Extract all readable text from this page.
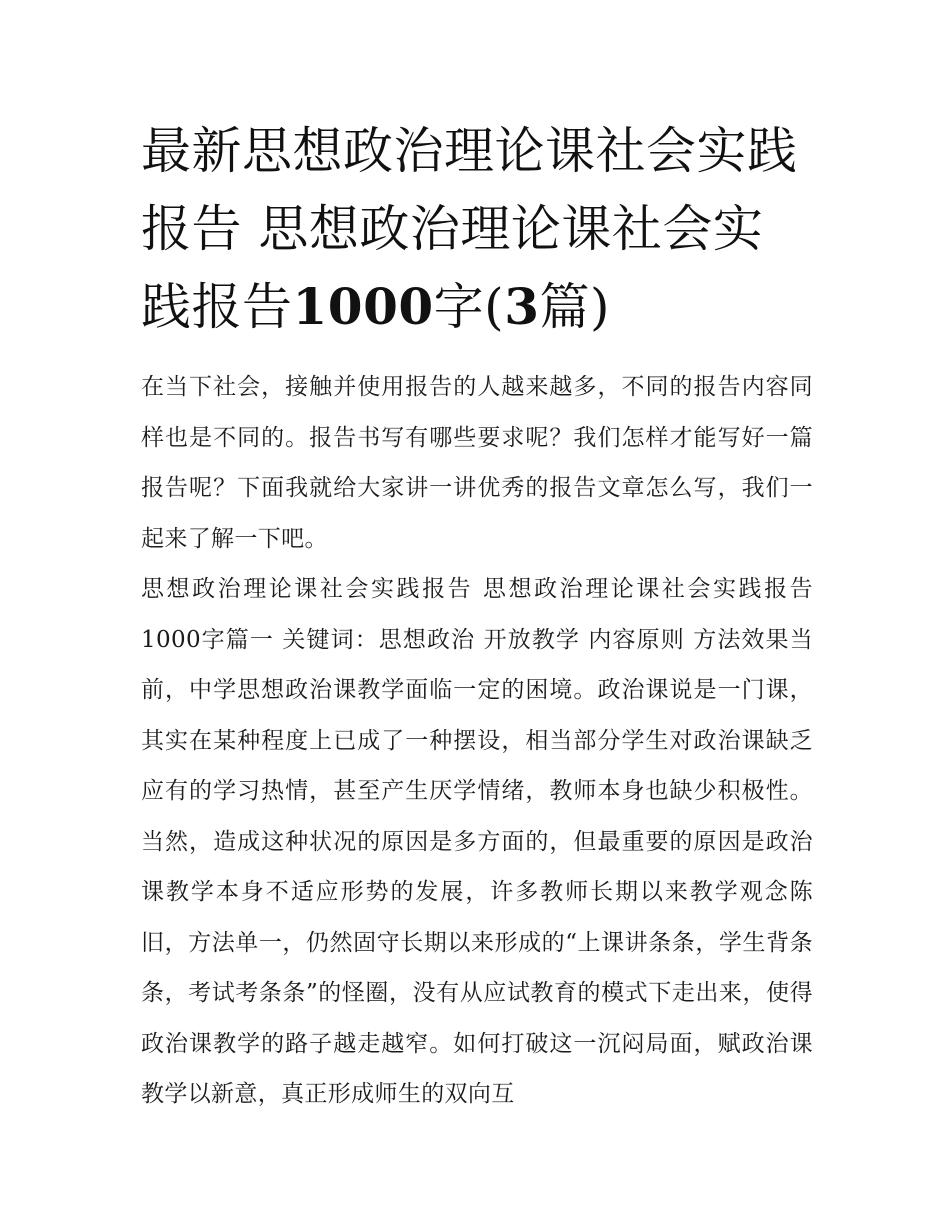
最新思想政治理论课社会实践报告 思想政治理论课社会实践报告1000字(3篇)

在当下社会，接触并使用报告的人越来越多，不同的报告内容同样也是不同的。报告书写有哪些要求呢？我们怎样才能写好一篇报告呢？下面我就给大家讲一讲优秀的报告文章怎么写，我们一起来了解一下吧。

思想政治理论课社会实践报告 思想政治理论课社会实践报告1000字篇一 关键词：思想政治 开放教学 内容原则 方法效果当前，中学思想政治课教学面临一定的困境。政治课说是一门课，其实在某种程度上已成了一种摆设，相当部分学生对政治课缺乏应有的学习热情，甚至产生厌学情绪，教师本身也缺少积极性。当然，造成这种状况的原因是多方面的，但最重要的原因是政治课教学本身不适应形势的发展，许多教师长期以来教学观念陈旧，方法单一，仍然固守长期以来形成的“上课讲条条，学生背条条，考试考条条”的怪圈，没有从应试教育的模式下走出来，使得政治课教学的路子越走越窄。如何打破这一沉闷局面，赋政治课教学以新意，真正形成师生的双向互
